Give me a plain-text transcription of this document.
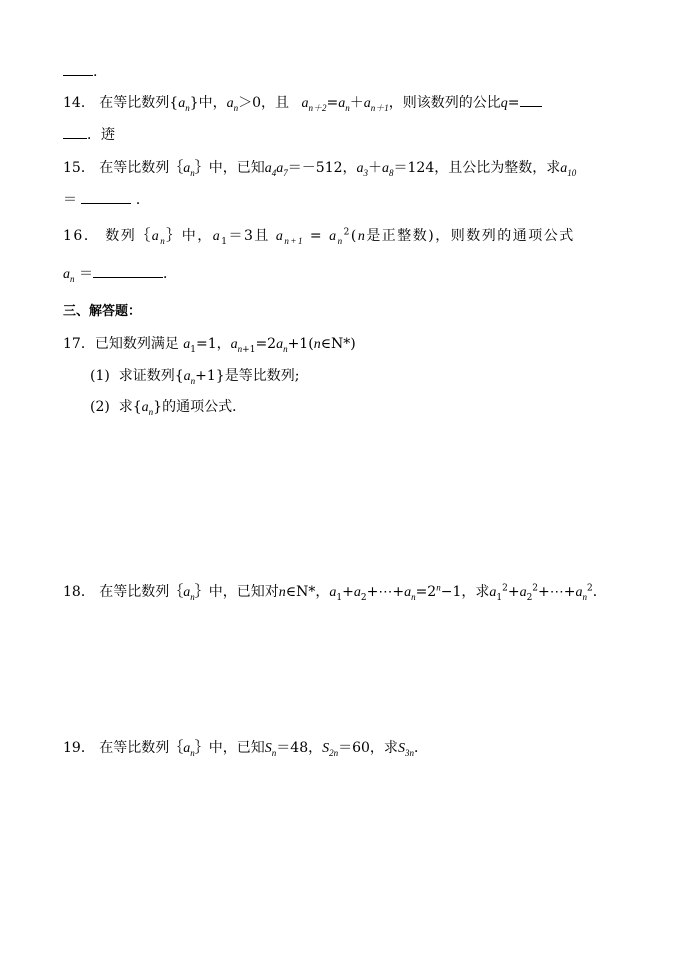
.
14． 在等比数列$\{a_n\}$中，$a_n>0$，且 $a_{n+2}=a_n+a_{n+1}$，则该数列的公比q=
．逩
15． 在等比数列$\{a_n\}$中，已知$a_4a_7=-512$，$a_3+a_8=124$，且公比为整数，求$a_{10}$
＝	．
16． 数列$\{a_n\}$中，$a_1=3$且 $a_{n+1} = a_n^2(n$是正整数)，则数列的通项公式
$a_n$ ＝	．
三、解答题：
17．已知数列满足 $a_1=1$，$a_{n+1}=2a_n+1(n\in N*)$
(1) 求证数列$\{a_n+1\}$是等比数列;
(2) 求$\{a_n\}$的通项公式．
18． 在等比数列$\{a_n\}$中，已知对n∈N*，$a_1+a_2+\cdots+a_n=2^n-1$，求$a_1^2+a_2^2+\cdots+a_n^2$．
19． 在等比数列$\{a_n\}$中，已知$S_n=48$，$S_{2n}=60$，求$S_{3n}$．
